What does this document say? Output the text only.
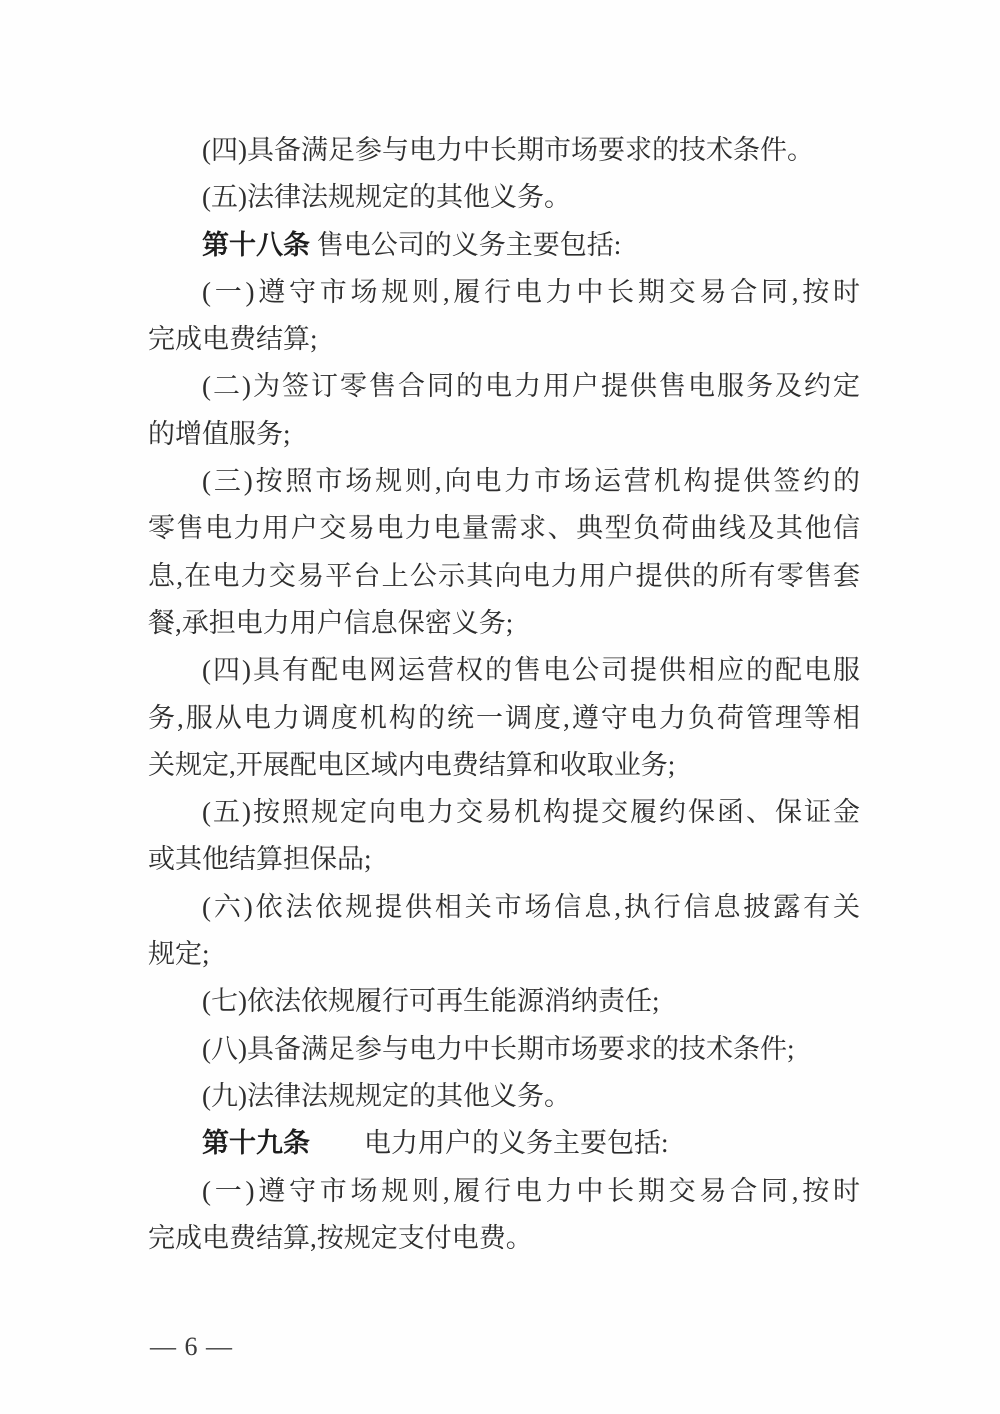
(四)具备满足参与电力中长期市场要求的技术条件。
(五)法律法规规定的其他义务。
第十八条 售电公司的义务主要包括:
(一)遵守市场规则,履行电力中长期交易合同,按时
完成电费结算;
(二)为签订零售合同的电力用户提供售电服务及约定
的增值服务;
(三)按照市场规则,向电力市场运营机构提供签约的
零售电力用户交易电力电量需求、典型负荷曲线及其他信
息,在电力交易平台上公示其向电力用户提供的所有零售套
餐,承担电力用户信息保密义务;
(四)具有配电网运营权的售电公司提供相应的配电服
务,服从电力调度机构的统一调度,遵守电力负荷管理等相
关规定,开展配电区域内电费结算和收取业务;
(五)按照规定向电力交易机构提交履约保函、保证金
或其他结算担保品;
(六)依法依规提供相关市场信息,执行信息披露有关
规定;
(七)依法依规履行可再生能源消纳责任;
(八)具备满足参与电力中长期市场要求的技术条件;
(九)法律法规规定的其他义务。
第十九条　　 电力用户的义务主要包括:
(一)遵守市场规则,履行电力中长期交易合同,按时
完成电费结算,按规定支付电费。
— 6 —
